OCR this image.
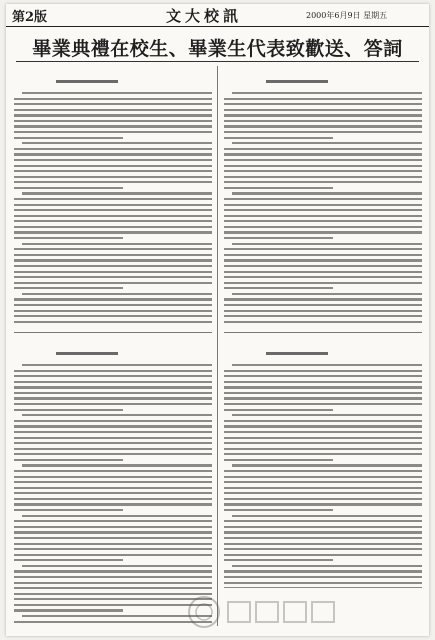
第2版	文大校訊	2000年6月9日 星期五
畢業典禮在校生、畢業生代表致歡送、答詞
